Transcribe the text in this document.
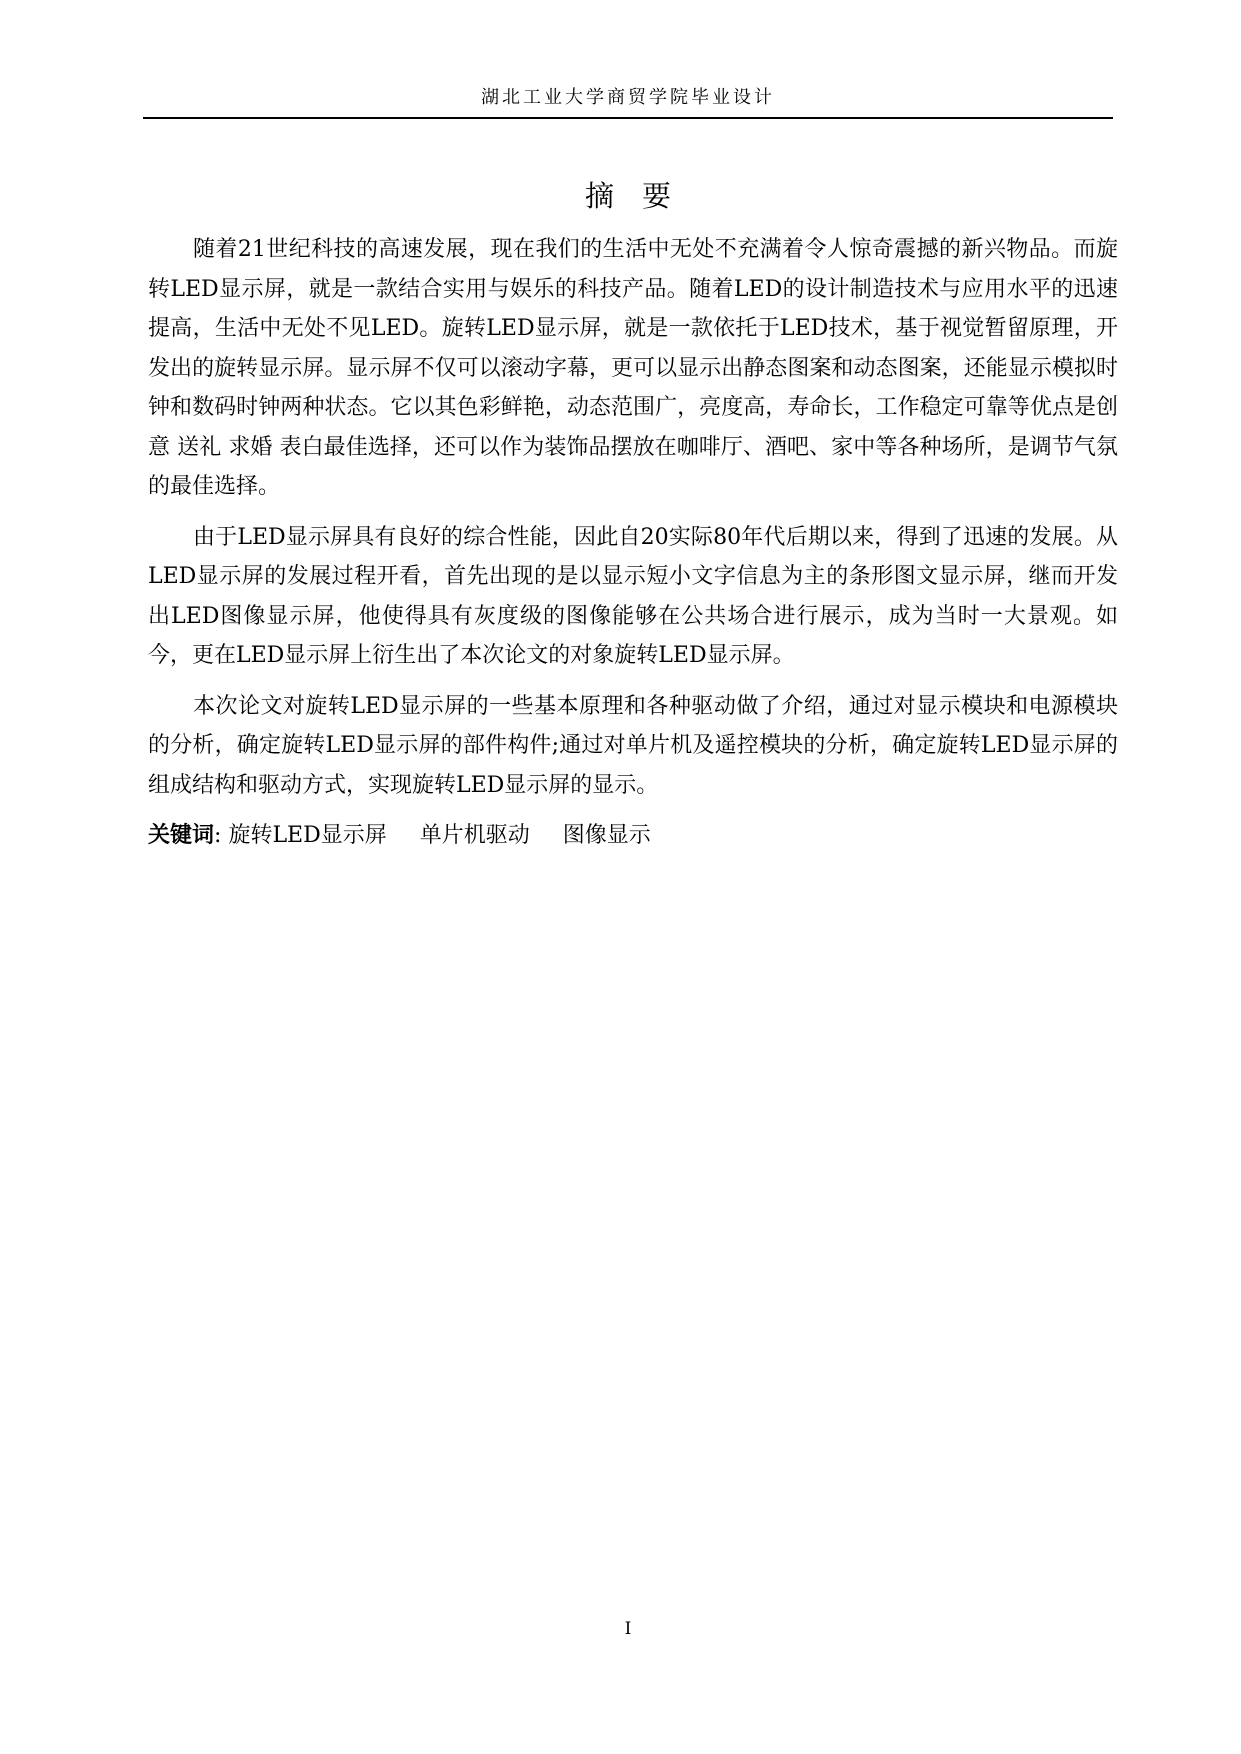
湖北工业大学商贸学院毕业设计
摘 要

随着21世纪科技的高速发展，现在我们的生活中无处不充满着令人惊奇震撼的新兴物品。而旋转LED显示屏，就是一款结合实用与娱乐的科技产品。随着LED的设计制造技术与应用水平的迅速提高，生活中无处不见LED。旋转LED显示屏，就是一款依托于LED技术，基于视觉暂留原理，开发出的旋转显示屏。显示屏不仅可以滚动字幕，更可以显示出静态图案和动态图案，还能显示模拟时钟和数码时钟两种状态。它以其色彩鲜艳，动态范围广，亮度高，寿命长，工作稳定可靠等优点是创意 送礼 求婚 表白最佳选择，还可以作为装饰品摆放在咖啡厅、酒吧、家中等各种场所，是调节气氛的最佳选择。

由于LED显示屏具有良好的综合性能，因此自20实际80年代后期以来，得到了迅速的发展。从LED显示屏的发展过程开看，首先出现的是以显示短小文字信息为主的条形图文显示屏，继而开发出LED图像显示屏，他使得具有灰度级的图像能够在公共场合进行展示，成为当时一大景观。如今，更在LED显示屏上衍生出了本次论文的对象旋转LED显示屏。

本次论文对旋转LED显示屏的一些基本原理和各种驱动做了介绍，通过对显示模块和电源模块的分析，确定旋转LED显示屏的部件构件;通过对单片机及遥控模块的分析，确定旋转LED显示屏的组成结构和驱动方式，实现旋转LED显示屏的显示。

关键词: 旋转LED显示屏 单片机驱动 图像显示
I
